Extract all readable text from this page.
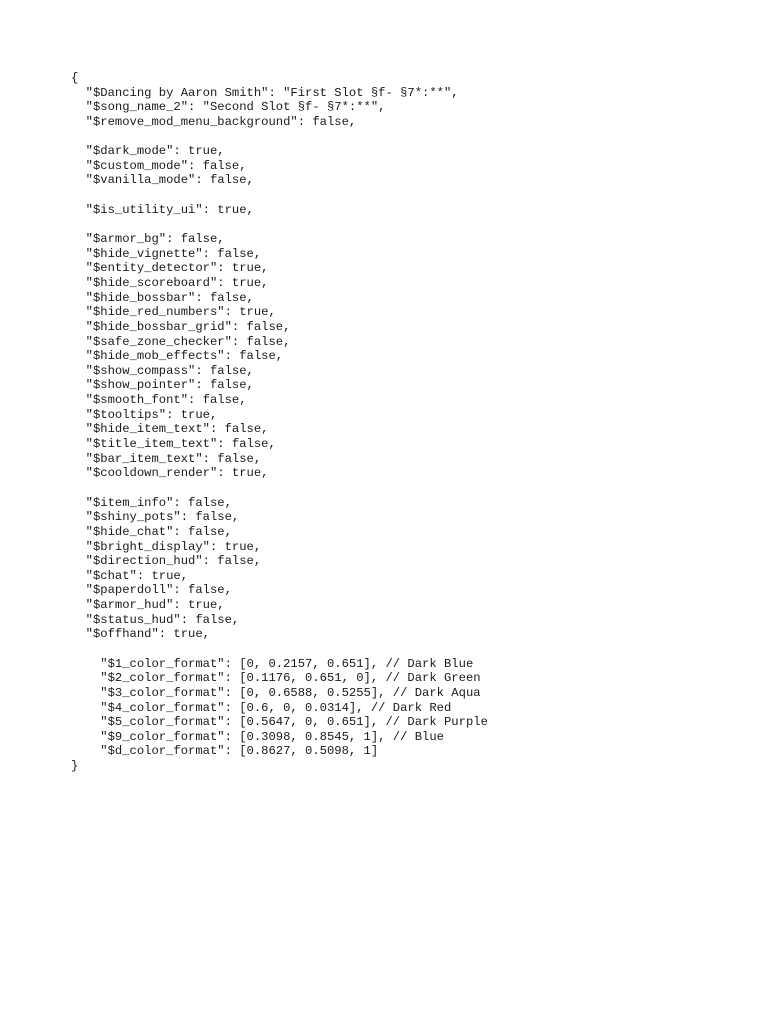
{
"$Dancing by Aaron Smith": "First Slot §f- §7*:**",
"$song_name_2": "Second Slot §f- §7*:**",
"$remove_mod_menu_background": false,
"$dark_mode": true,
"$custom_mode": false,
"$vanilla_mode": false,
"$is_utility_ui": true,
"$armor_bg": false,
"$hide_vignette": false,
"$entity_detector": true,
"$hide_scoreboard": true,
"$hide_bossbar": false,
"$hide_red_numbers": true,
"$hide_bossbar_grid": false,
"$safe_zone_checker": false,
"$hide_mob_effects": false,
"$show_compass": false,
"$show_pointer": false,
"$smooth_font": false,
"$tooltips": true,
"$hide_item_text": false,
"$title_item_text": false,
"$bar_item_text": false,
"$cooldown_render": true,
"$item_info": false,
"$shiny_pots": false,
"$hide_chat": false,
"$bright_display": true,
"$direction_hud": false,
"$chat": true,
"$paperdoll": false,
"$armor_hud": true,
"$status_hud": false,
"$offhand": true,
"$1_color_format": [0, 0.2157, 0.651], // Dark Blue
"$2_color_format": [0.1176, 0.651, 0], // Dark Green
"$3_color_format": [0, 0.6588, 0.5255], // Dark Aqua
"$4_color_format": [0.6, 0, 0.0314], // Dark Red
"$5_color_format": [0.5647, 0, 0.651], // Dark Purple
"$9_color_format": [0.3098, 0.8545, 1], // Blue
"$d_color_format": [0.8627, 0.5098, 1]
}
